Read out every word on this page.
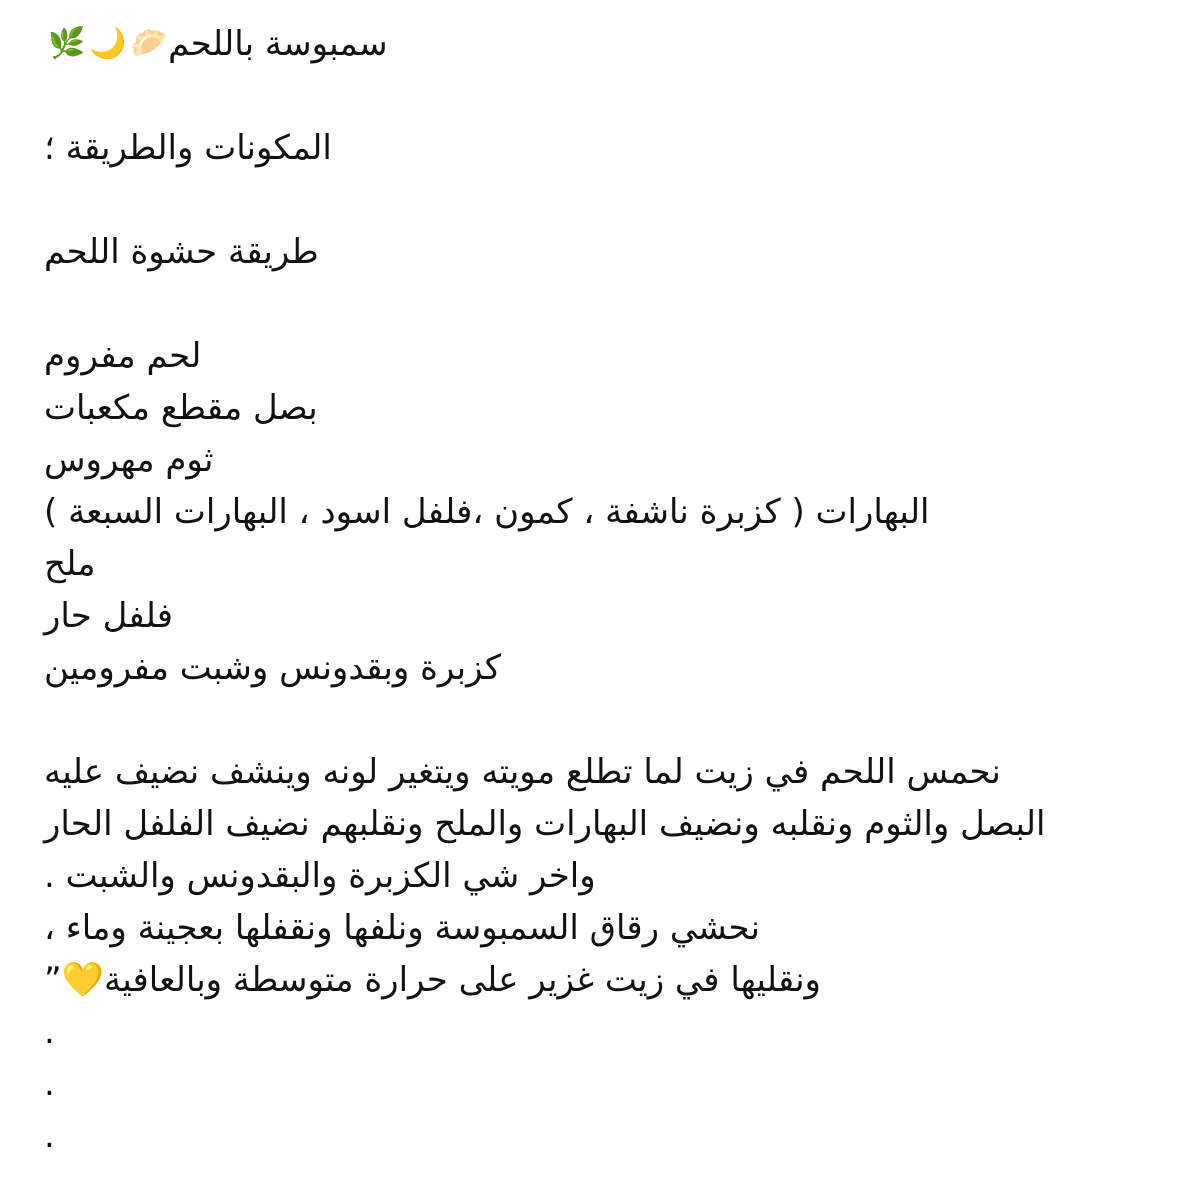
🌿 🌙 🥟 سمبوسة باللحم
المكونات والطريقة ؛
طريقة حشوة اللحم
لحم مفروم
بصل مقطع مكعبات
ثوم مهروس
البهارات ( كزبرة ناشفة ، كمون ،فلفل اسود ، البهارات السبعة )
ملح
فلفل حار
كزبرة وبقدونس وشبت مفرومين
نحمس اللحم في زيت لما تطلع مويته ويتغير لونه وينشف نضيف عليه
البصل والثوم ونقلبه ونضيف البهارات والملح ونقلبهم نضيف الفلفل الحار
واخر شي الكزبرة والبقدونس والشبت .
نحشي رقاق السمبوسة ونلفها ونقفلها بعجينة وماء ،
” 💛 ونقليها في زيت غزير على حرارة متوسطة وبالعافية
.
.
.
